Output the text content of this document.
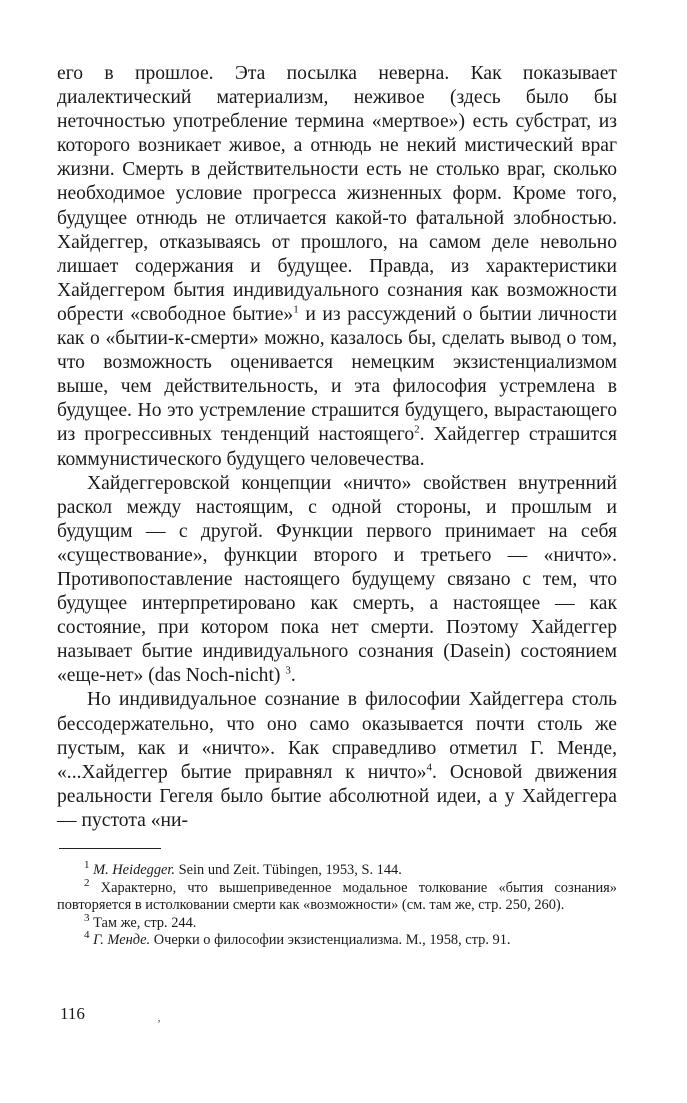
его в прошлое. Эта посылка неверна. Как показывает диалектический материализм, неживое (здесь было бы неточностью употребление термина «мертвое») есть субстрат, из которого возникает живое, а отнюдь не некий мистический враг жизни. Смерть в действительности есть не столько враг, сколько необходимое условие прогресса жизненных форм. Кроме того, будущее отнюдь не отличается какой-то фатальной злобностью. Хайдеггер, отказываясь от прошлого, на самом деле невольно лишает содержания и будущее. Правда, из характеристики Хайдеггером бытия индивидуального сознания как возможности обрести «свободное бытие»$^1$ и из рассуждений о бытии личности как о «бытии-к-смерти» можно, казалось бы, сделать вывод о том, что возможность оценивается немецким экзистенциализмом выше, чем действительность, и эта философия устремлена в будущее. Но это устремление страшится будущего, вырастающего из прогрессивных тенденций настоящего$^2$. Хайдеггер страшится коммунистического будущего человечества.

Хайдеггеровской концепции «ничто» свойствен внутренний раскол между настоящим, с одной стороны, и прошлым и будущим — с другой. Функции первого принимает на себя «существование», функции второго и третьего — «ничто». Противопоставление настоящего будущему связано с тем, что будущее интерпретировано как смерть, а настоящее — как состояние, при котором пока нет смерти. Поэтому Хайдеггер называет бытие индивидуального сознания (Dasein) состоянием «еще-нет» (das Noch-nicht) $^3$.

Но индивидуальное сознание в философии Хайдеггера столь бессодержательно, что оно само оказывается почти столь же пустым, как и «ничто». Как справедливо отметил Г. Менде, «...Хайдеггер бытие приравнял к ничто»$^4$. Основой движения реальности Гегеля было бытие абсолютной идеи, а у Хайдеггера — пустота «ни-

$^1$ M. Heidegger. Sein und Zeit. Tübingen, 1953, S. 144.

$^2$ Характерно, что вышеприведенное модальное толкование «бытия сознания» повторяется в истолковании смерти как «возможности» (см. там же, стр. 250, 260).

$^3$ Там же, стр. 244.

$^4$ Г. Менде. Очерки о философии экзистенциализма. М., 1958, стр. 91.

116	‚
